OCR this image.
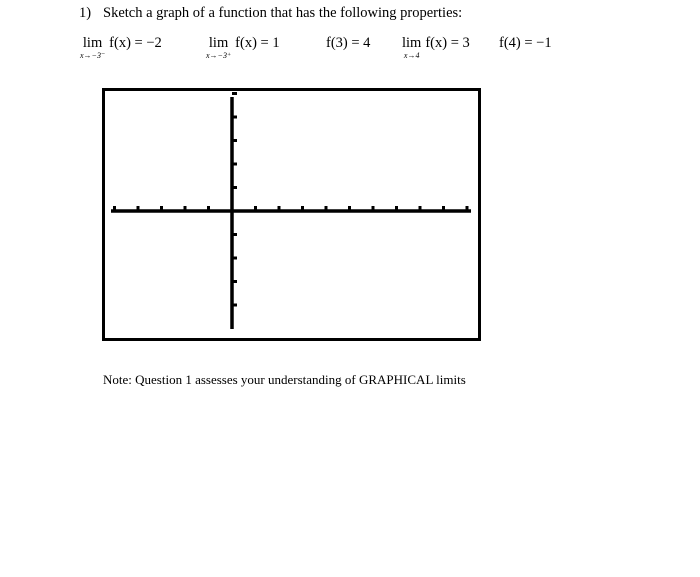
1) Sketch a graph of a function that has the following properties:
lim
x→−3⁻
f(x) = −2	lim
x→−3⁺
f(x) = 1	f(3) = 4 lim
x→4
f(x) = 3 f(4) = −1
Note: Question 1 assesses your understanding of GRAPHICAL limits
